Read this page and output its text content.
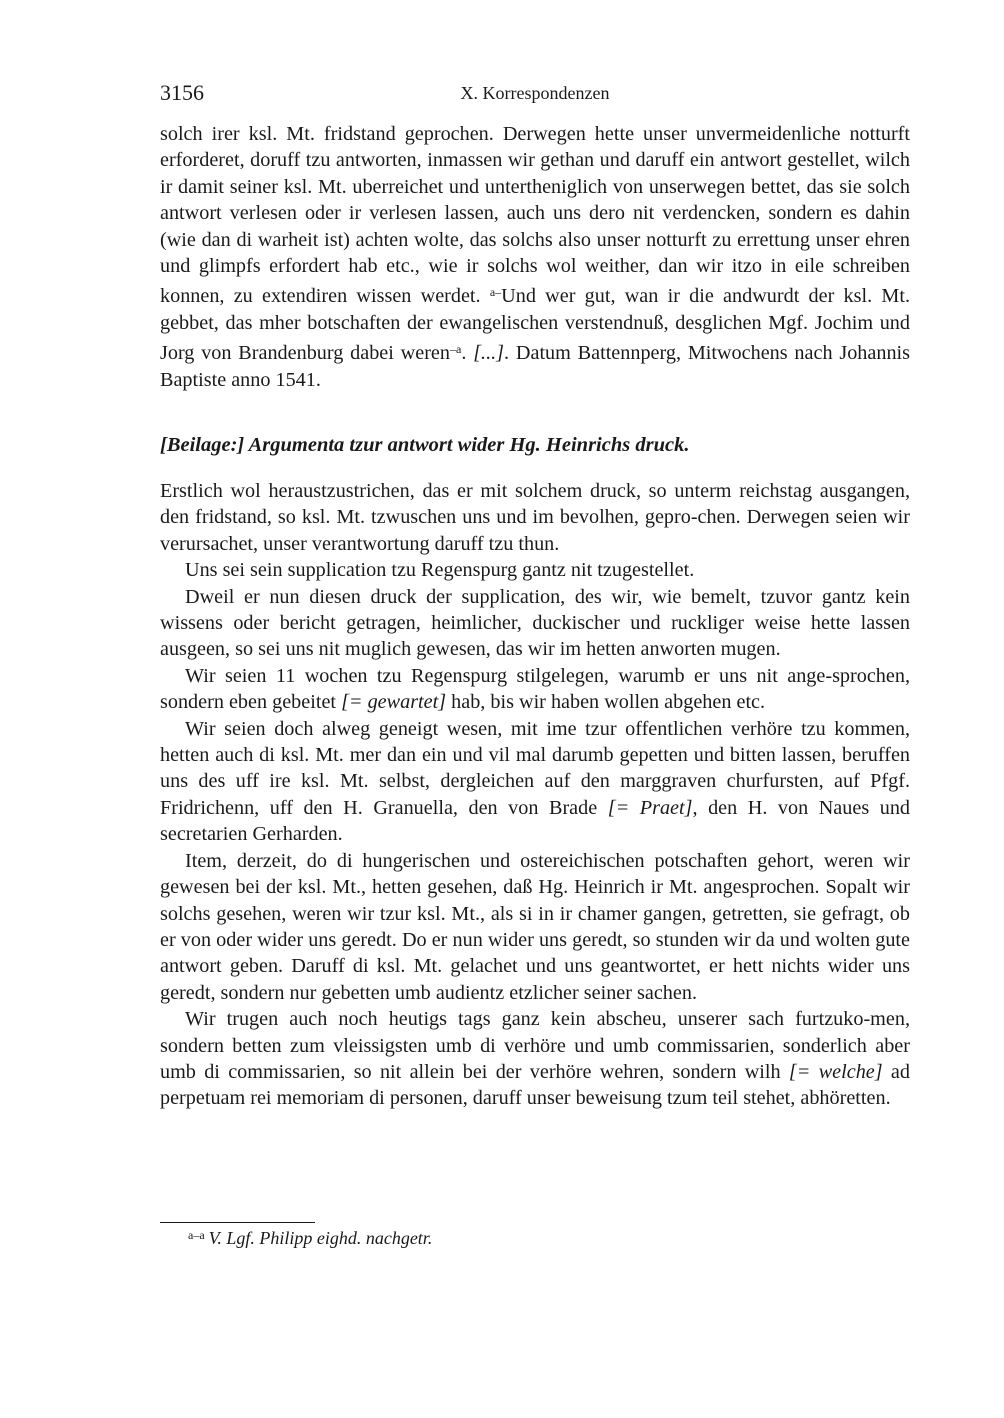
3156	X. Korrespondenzen

solch irer ksl. Mt. fridstand geprochen. Derwegen hette unser unvermeidenliche notturft erforderet, doruff tzu antworten, inmassen wir gethan und daruff ein antwort gestellet, wilch ir damit seiner ksl. Mt. uberreichet und untertheniglich von unserwegen bettet, das sie solch antwort verlesen oder ir verlesen lassen, auch uns dero nit verdencken, sondern es dahin (wie dan di warheit ist) achten wolte, das solchs also unser notturft zu errettung unser ehren und glimpfs erfordert hab etc., wie ir solchs wol weither, dan wir itzo in eile schreiben konnen, zu extendiren wissen werdet. $^{a-}$Und wer gut, wan ir die andwurdt der ksl. Mt. gebbet, das mher botschaften der ewangelischen verstendnuß, desglichen Mgf. Jochim und Jorg von Brandenburg dabei weren$^{-a}$. [...]. Datum Battennperg, Mitwochens nach Johannis Baptiste anno 1541.

[Beilage:] Argumenta tzur antwort wider Hg. Heinrichs druck.

Erstlich wol heraustzustrichen, das er mit solchem druck, so unterm reichstag ausgangen, den fridstand, so ksl. Mt. tzwuschen uns und im bevolhen, gepro-chen. Derwegen seien wir verursachet, unser verantwortung daruff tzu thun.

Uns sei sein supplication tzu Regenspurg gantz nit tzugestellet.

Dweil er nun diesen druck der supplication, des wir, wie bemelt, tzuvor gantz kein wissens oder bericht getragen, heimlicher, duckischer und ruckliger weise hette lassen ausgeen, so sei uns nit muglich gewesen, das wir im hetten anworten mugen.

Wir seien 11 wochen tzu Regenspurg stilgelegen, warumb er uns nit ange-sprochen, sondern eben gebeitet [= gewartet] hab, bis wir haben wollen abgehen etc.

Wir seien doch alweg geneigt wesen, mit ime tzur offentlichen verhöre tzu kommen, hetten auch di ksl. Mt. mer dan ein und vil mal darumb gepetten und bitten lassen, beruffen uns des uff ire ksl. Mt. selbst, dergleichen auf den marggraven churfursten, auf Pfgf. Fridrichenn, uff den H. Granuella, den von Brade [= Praet], den H. von Naues und secretarien Gerharden.

Item, derzeit, do di hungerischen und ostereichischen potschaften gehort, weren wir gewesen bei der ksl. Mt., hetten gesehen, daß Hg. Heinrich ir Mt. angesprochen. Sopalt wir solchs gesehen, weren wir tzur ksl. Mt., als si in ir chamer gangen, getretten, sie gefragt, ob er von oder wider uns geredt. Do er nun wider uns geredt, so stunden wir da und wolten gute antwort geben. Daruff di ksl. Mt. gelachet und uns geantwortet, er hett nichts wider uns geredt, sondern nur gebetten umb audientz etzlicher seiner sachen.

Wir trugen auch noch heutigs tags ganz kein abscheu, unserer sach furtzuko-men, sondern betten zum vleissigsten umb di verhöre und umb commissarien, sonderlich aber umb di commissarien, so nit allein bei der verhöre wehren, sondern wilh [= welche] ad perpetuam rei memoriam di personen, daruff unser beweisung tzum teil stehet, abhöretten.

$^{a-a}$ V. Lgf. Philipp eighd. nachgetr.
